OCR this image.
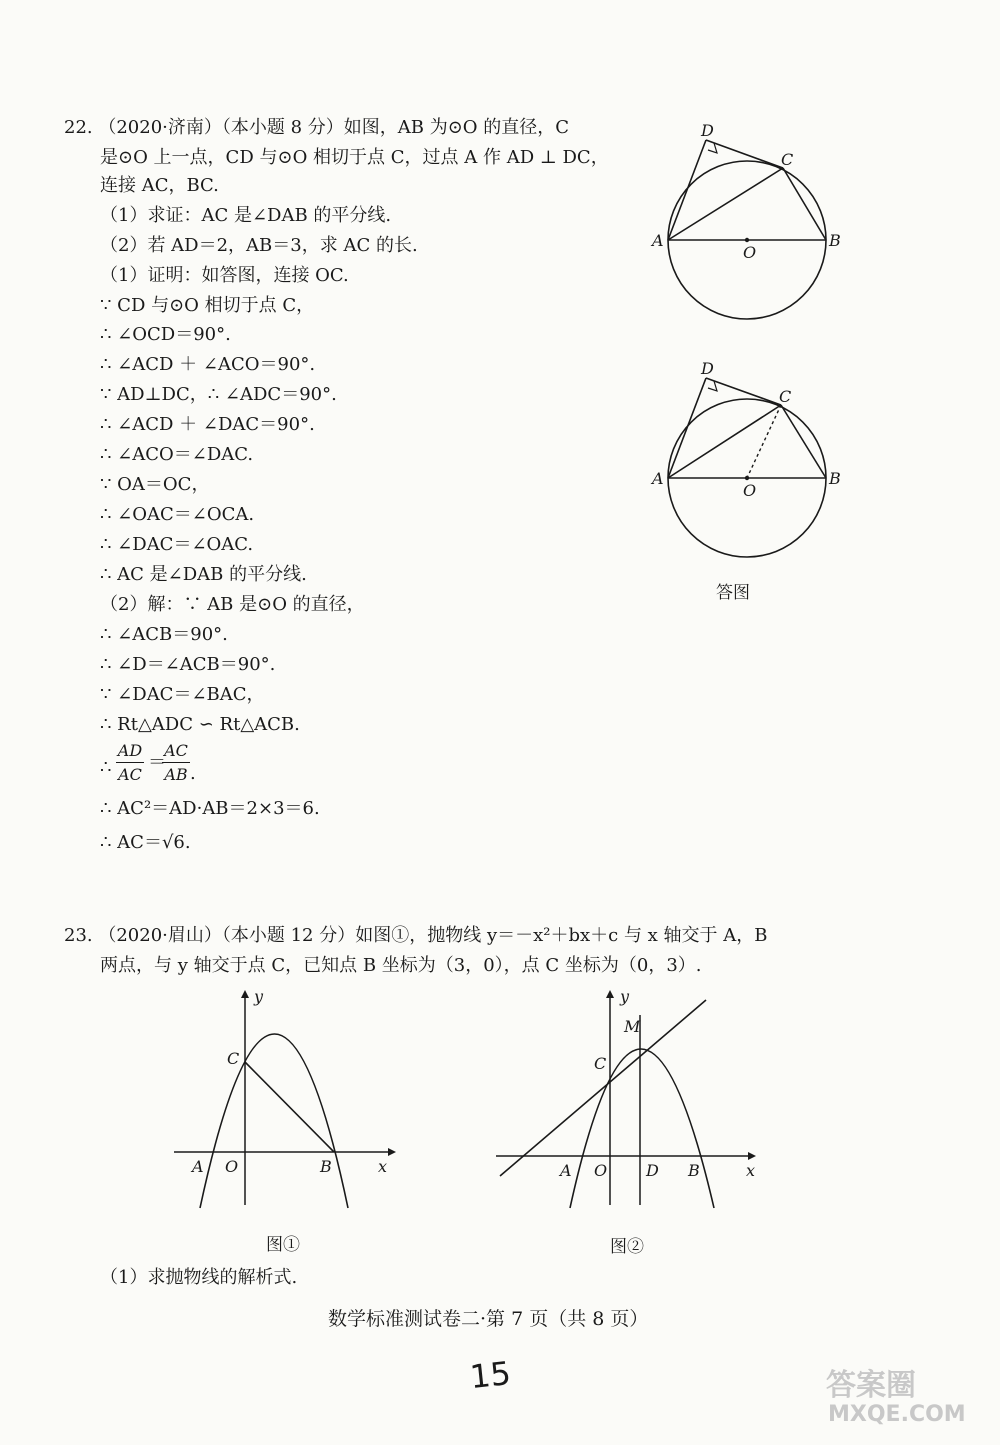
22. （2020·济南）（本小题 8 分）如图，AB 为⊙O 的直径，C
是⊙O 上一点，CD 与⊙O 相切于点 C，过点 A 作 AD ⊥ DC，
连接 AC，BC.
（1）求证：AC 是∠DAB 的平分线.
（2）若 AD＝2，AB＝3，求 AC 的长.
（1）证明：如答图，连接 OC.
∵ CD 与⊙O 相切于点 C，
∴ ∠OCD＝90°.
∴ ∠ACD ＋ ∠ACO＝90°.
∵ AD⊥DC，∴ ∠ADC＝90°.
∴ ∠ACD ＋ ∠DAC＝90°.
∴ ∠ACO＝∠DAC.
∵ OA＝OC，
∴ ∠OAC＝∠OCA.
∴ ∠DAC＝∠OAC.
∴ AC 是∠DAB 的平分线.
（2）解：∵ AB 是⊙O 的直径，
∴ ∠ACB＝90°.
∴ ∠D＝∠ACB＝90°.
∵ ∠DAC＝∠BAC，
∴ Rt△ADC ∽ Rt△ACB.
∴
AD
AC
＝
AC
AB .
∴ AC²＝AD·AB＝2×3＝6.
∴ AC＝√6.
D
C
A	B
O
D
C
A	B
O
答图
23. （2020·眉山）（本小题 12 分）如图①，抛物线 y＝－x²＋bx＋c 与 x 轴交于 A，B
两点，与 y 轴交于点 C，已知点 B 坐标为（3，0），点 C 坐标为（0，3）.
y
x
C
A O	B
图①
y
x
M
C
A O D B
图②
（1）求抛物线的解析式.
数学标准测试卷二·第 7 页（共 8 页）
15	答案圈
MXQE.COM
